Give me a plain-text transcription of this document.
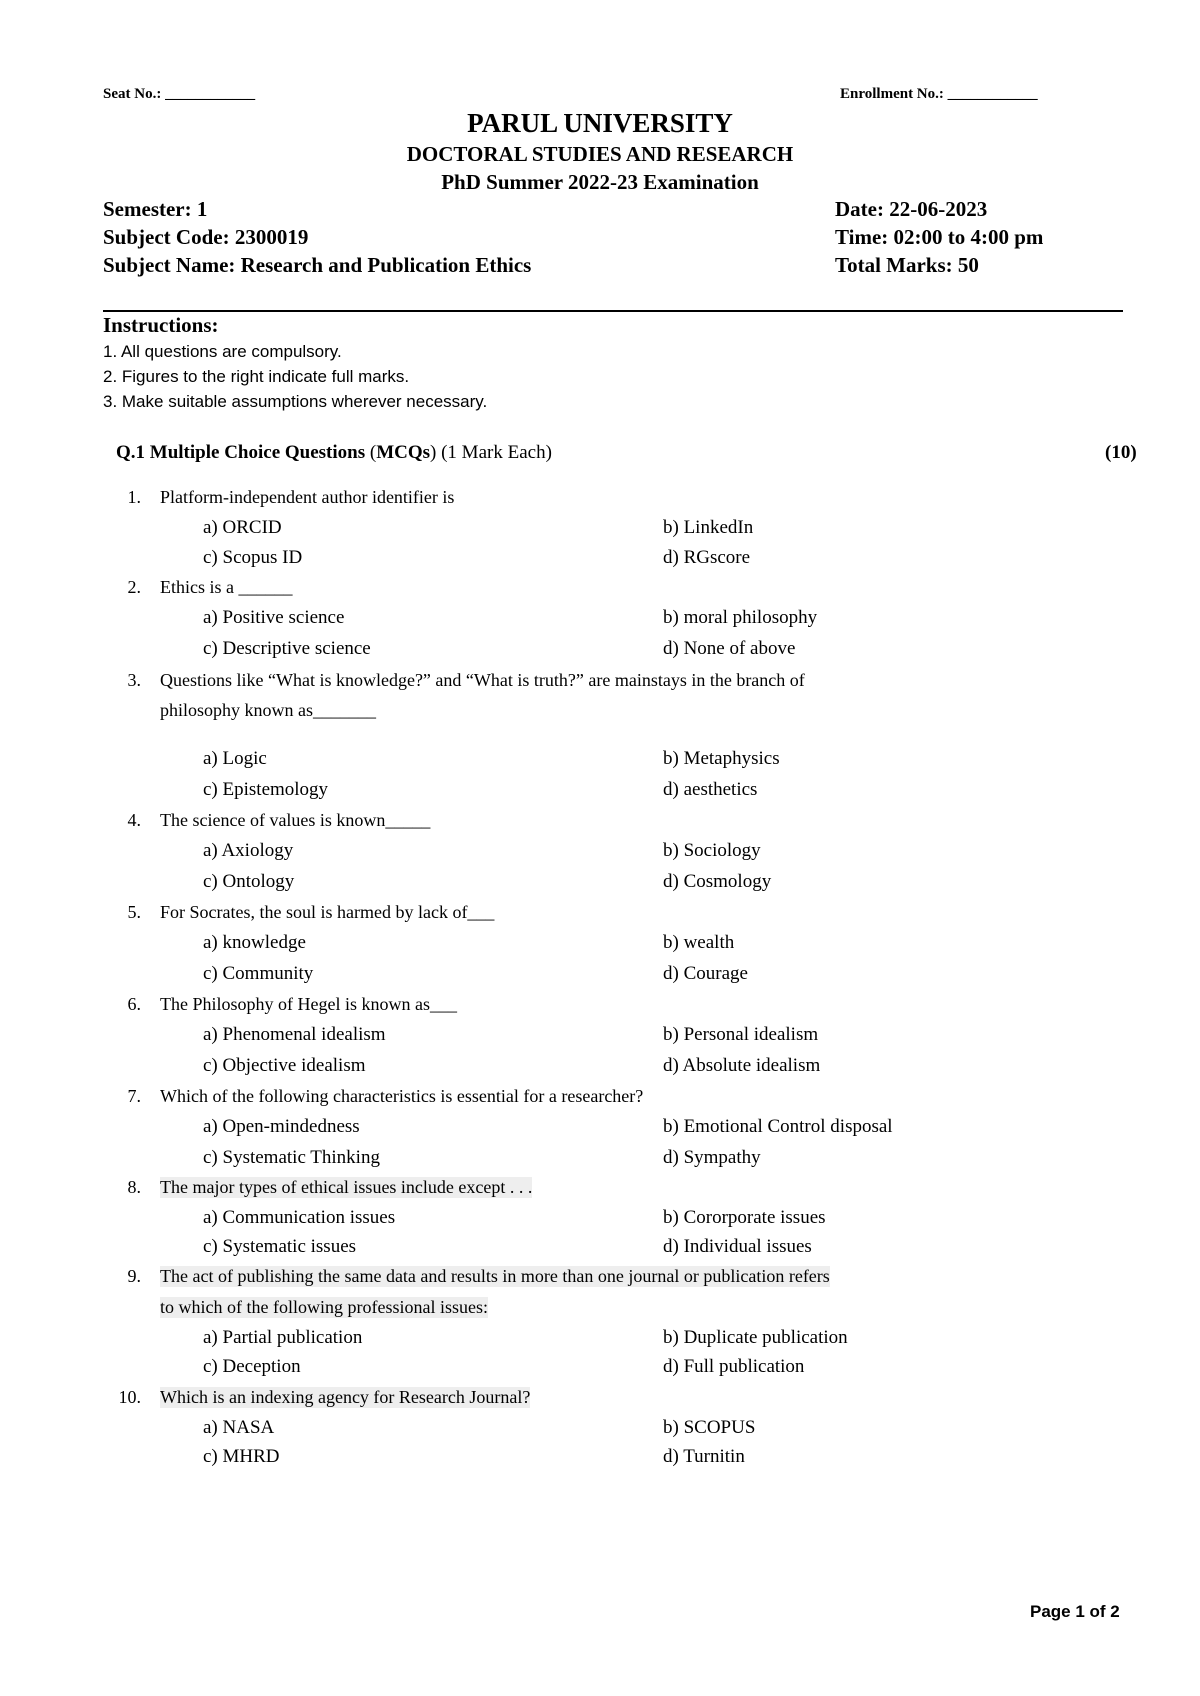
Seat No.: ____________	Enrollment No.: ____________
PARUL UNIVERSITY
DOCTORAL STUDIES AND RESEARCH
PhD Summer 2022-23 Examination
Semester: 1
Subject Code: 2300019
Subject Name: Research and Publication Ethics
Date: 22-06-2023
Time: 02:00 to 4:00 pm
Total Marks: 50
Instructions:
1. All questions are compulsory.
2. Figures to the right indicate full marks.
3. Make suitable assumptions wherever necessary.
Q.1 Multiple Choice Questions (MCQs) (1 Mark Each)	(10)
1. Platform-independent author identifier is
a) ORCID	b) LinkedIn
c) Scopus ID	d) RGscore
2. Ethics is a ______
a) Positive science	b) moral philosophy
c) Descriptive science	d) None of above
3. Questions like “What is knowledge?” and “What is truth?” are mainstays in the branch of
philosophy known as_______
a) Logic	b) Metaphysics
c) Epistemology	d) aesthetics
4. The science of values is known_____
a) Axiology	b) Sociology
c) Ontology	d) Cosmology
5. For Socrates, the soul is harmed by lack of___
a) knowledge	b) wealth
c) Community	d) Courage
6. The Philosophy of Hegel is known as___
a) Phenomenal idealism	b) Personal idealism
c) Objective idealism	d) Absolute idealism
7. Which of the following characteristics is essential for a researcher?
a) Open-mindedness	b) Emotional Control disposal
c) Systematic Thinking	d) Sympathy
8. The major types of ethical issues include except . . .
a) Communication issues	b) Cororporate issues
c) Systematic issues	d) Individual issues
9. The act of publishing the same data and results in more than one journal or publication refers
to which of the following professional issues:
a) Partial publication	b) Duplicate publication
c) Deception	d) Full publication
10. Which is an indexing agency for Research Journal?
a) NASA	b) SCOPUS
c) MHRD	d) Turnitin
Page 1 of 2
